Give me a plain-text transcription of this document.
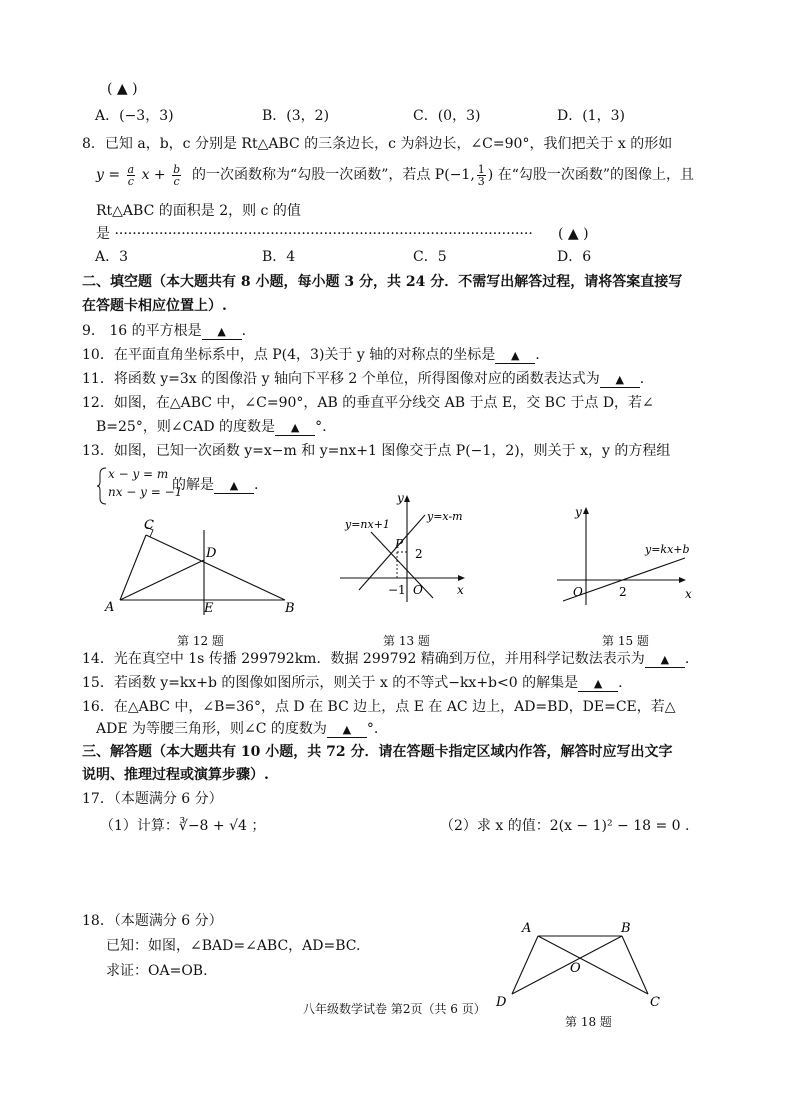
( ▲ )
A．(−3，3)	B．(3，2)	C．(0，3)	D．(1，3)
8．已知 a，b，c 分别是 Rt△ABC 的三条边长，c 为斜边长，∠C=90°，我们把关于 x 的形如
$y = \frac{a}{c}$ $x + \frac{b}{c}$ 的一次函数称为“勾股一次函数”，若点 P(−1, $\frac{1}{3}$ ) 在“勾股一次函数”的图像上，且
Rt△ABC 的面积是 2，则 c 的值
是 ······························································································ ( ▲ )
A．3	B．4	C．5	D．6
二、填空题（本大题共有 8 小题，每小题 3 分，共 24 分．不需写出解答过程，请将答案直接写
在答题卡相应位置上）.
9． 16 的平方根是 ▲ .
10．在平面直角坐标系中，点 P(4，3)关于 y 轴的对称点的坐标是 ▲ .
11．将函数 y=3x 的图像沿 y 轴向下平移 2 个单位，所得图像对应的函数表达式为 ▲ .
12．如图，在△ABC 中，∠C=90°，AB 的垂直平分线交 AB 于点 E，交 BC 于点 D，若∠
B=25°，则∠CAD 的度数是 ▲ °.
13．如图，已知一次函数 y=x−m 和 y=nx+1 图像交于点 P(−1，2)，则关于 x，y 的方程组
x − y = m
nx − y = −1
的解是 ▲ .
C
D
A	E	B
第 12 题
y
y=nx+1
y=x-m
P
2
−1 O	x
第 13 题
y
y=kx+b
O	2	x
第 15 题
14．光在真空中 1s 传播 299792km．数据 299792 精确到万位，并用科学记数法表示为 ▲ .
15．若函数 y=kx+b 的图像如图所示，则关于 x 的不等式−kx+b<0 的解集是 ▲ .
16．在△ABC 中，∠B=36°，点 D 在 BC 边上，点 E 在 AC 边上，AD=BD，DE=CE，若△
ADE 为等腰三角形，则∠C 的度数为 ▲ °.
三、解答题（本大题共有 10 小题，共 72 分．请在答题卡指定区域内作答，解答时应写出文字
说明、推理过程或演算步骤）.
17．（本题满分 6 分）
（1）计算：∛−8 + √4 ；	（2）求 x 的值：2(x − 1)² − 18 = 0 .
18．（本题满分 6 分）
已知：如图，∠BAD=∠ABC，AD=BC.
求证：OA=OB.
A	B
O
D	C
第 18 题
八年级数学试卷 第2页（共 6 页）
